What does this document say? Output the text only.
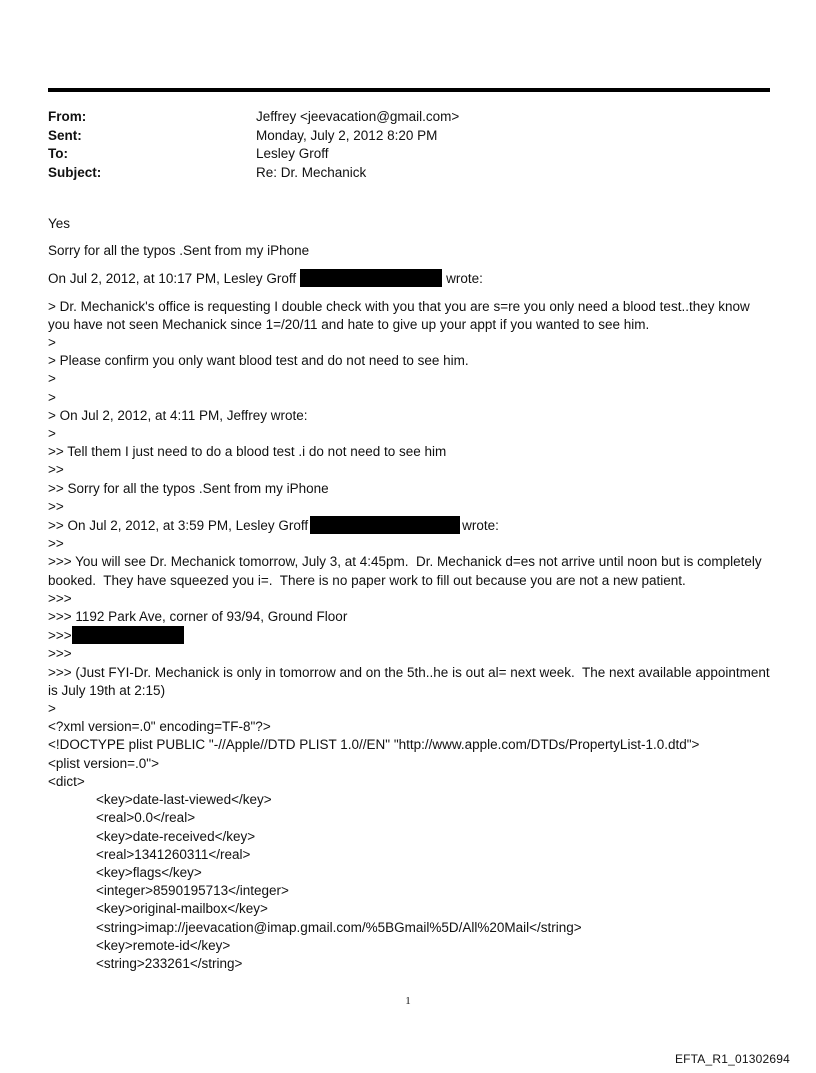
From:	Jeffrey <jeevacation@gmail.com>
Sent:	Monday, July 2, 2012 8:20 PM
To:	Lesley Groff
Subject:	Re: Dr. Mechanick
Yes
Sorry for all the typos .Sent from my iPhone
On Jul 2, 2012, at 10:17 PM, Lesley Groff	wrote:
> Dr. Mechanick's office is requesting I double check with you that you are s=re you only need a blood test..they know you have not seen Mechanick since 1=/20/11 and hate to give up your appt if you wanted to see him.
>
> Please confirm you only want blood test and do not need to see him.
>
>
> On Jul 2, 2012, at 4:11 PM, Jeffrey wrote:
>
>> Tell them I just need to do a blood test .i do not need to see him
>>
>> Sorry for all the typos .Sent from my iPhone
>>
>> On Jul 2, 2012, at 3:59 PM, Lesley Groff	wrote:
>>
>>> You will see Dr. Mechanick tomorrow, July 3, at 4:45pm.  Dr. Mechanick d=es not arrive until noon but is completely booked.  They have squeezed you i=.  There is no paper work to fill out because you are not a new patient.
>>>
>>> 1192 Park Ave, corner of 93/94, Ground Floor
>>>
>>>
>>> (Just FYI-Dr. Mechanick is only in tomorrow and on the 5th..he is out al= next week.  The next available appointment is July 19th at 2:15)
>
<?xml version=.0" encoding=TF-8"?>
<!DOCTYPE plist PUBLIC "-//Apple//DTD PLIST 1.0//EN" "http://www.apple.com/DTDs/PropertyList-1.0.dtd">
<plist version=.0">
<dict>
<key>date-last-viewed</key>
<real>0.0</real>
<key>date-received</key>
<real>1341260311</real>
<key>flags</key>
<integer>8590195713</integer>
<key>original-mailbox</key>
<string>imap://jeevacation@imap.gmail.com/%5BGmail%5D/All%20Mail</string>
<key>remote-id</key>
<string>233261</string>
1
EFTA_R1_01302694
